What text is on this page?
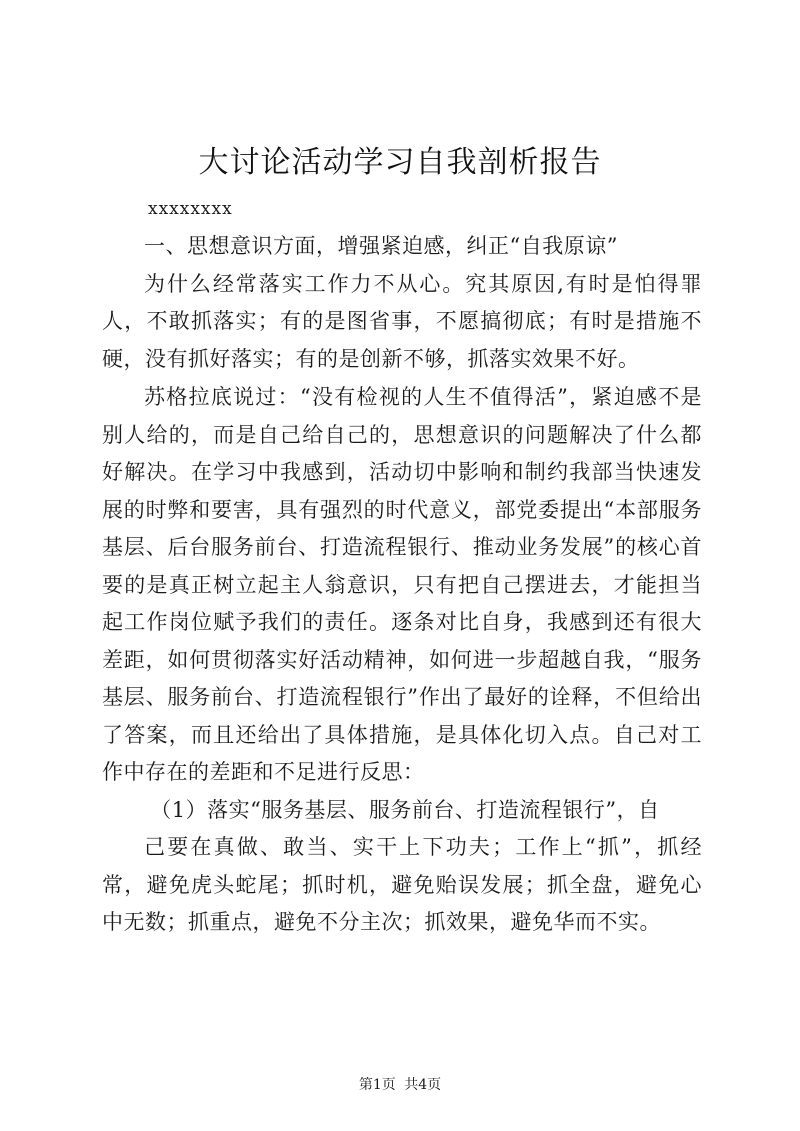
大讨论活动学习自我剖析报告
xxxxxxxx

一、思想意识方面，增强紧迫感，纠正“自我原谅”

为什么经常落实工作力不从心。究其原因,有时是怕得罪人，不敢抓落实；有的是图省事，不愿搞彻底；有时是措施不硬，没有抓好落实；有的是创新不够，抓落实效果不好。

苏格拉底说过：“没有检视的人生不值得活”，紧迫感不是别人给的，而是自己给自己的，思想意识的问题解决了什么都好解决。在学习中我感到，活动切中影响和制约我部当快速发展的时弊和要害，具有强烈的时代意义，部党委提出“本部服务基层、后台服务前台、打造流程银行、推动业务发展”的核心首要的是真正树立起主人翁意识，只有把自己摆进去，才能担当起工作岗位赋予我们的责任。逐条对比自身，我感到还有很大差距，如何贯彻落实好活动精神，如何进一步超越自我，“服务基层、服务前台、打造流程银行”作出了最好的诠释，不但给出了答案，而且还给出了具体措施，是具体化切入点。自己对工作中存在的差距和不足进行反思：

（1）落实“服务基层、服务前台、打造流程银行”，自

己要在真做、敢当、实干上下功夫；工作上“抓”，抓经常，避免虎头蛇尾；抓时机，避免贻误发展；抓全盘，避免心中无数；抓重点，避免不分主次；抓效果，避免华而不实。

第1页 共4页
